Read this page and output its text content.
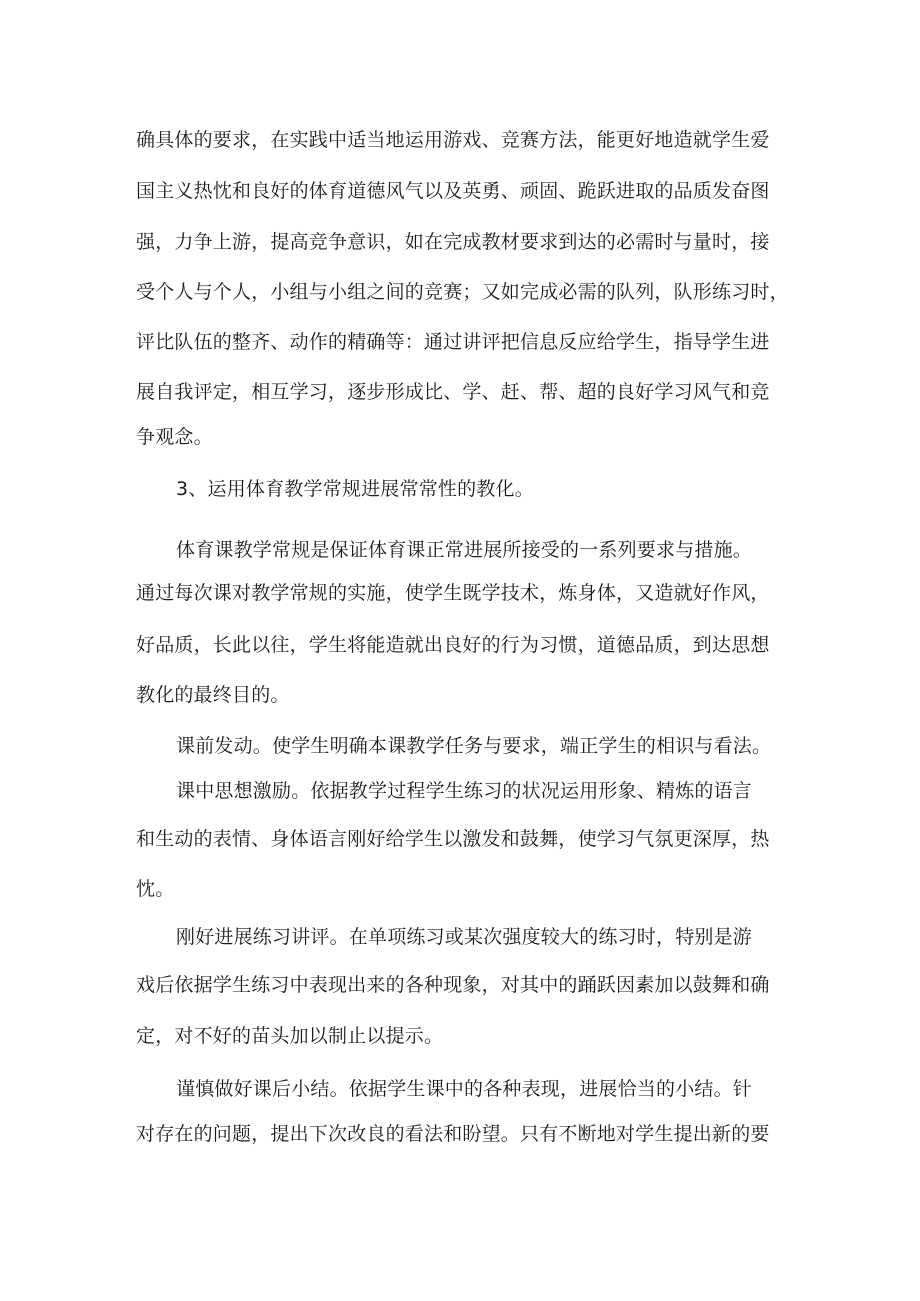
确具体的要求，在实践中适当地运用游戏、竞赛方法，能更好地造就学生爱
国主义热忱和良好的体育道德风气以及英勇、顽固、跪跃进取的品质发奋图
强，力争上游，提高竞争意识，如在完成教材要求到达的必需时与量时，接
受个人与个人，小组与小组之间的竞赛；又如完成必需的队列，队形练习时，
评比队伍的整齐、动作的精确等：通过讲评把信息反应给学生，指导学生进
展自我评定，相互学习，逐步形成比、学、赶、帮、超的良好学习风气和竞
争观念。
3、运用体育教学常规进展常常性的教化。
体育课教学常规是保证体育课正常进展所接受的一系列要求与措施。
通过每次课对教学常规的实施，使学生既学技术，炼身体，又造就好作风，
好品质，长此以往，学生将能造就出良好的行为习惯，道德品质，到达思想
教化的最终目的。
课前发动。使学生明确本课教学任务与要求，端正学生的相识与看法。
课中思想激励。依据教学过程学生练习的状况运用形象、精炼的语言
和生动的表情、身体语言刚好给学生以激发和鼓舞，使学习气氛更深厚，热
忱。
刚好进展练习讲评。在单项练习或某次强度较大的练习时，特别是游
戏后依据学生练习中表现出来的各种现象，对其中的踊跃因素加以鼓舞和确
定，对不好的苗头加以制止以提示。
谨慎做好课后小结。依据学生课中的各种表现，进展恰当的小结。针
对存在的问题，提出下次改良的看法和盼望。只有不断地对学生提出新的要
